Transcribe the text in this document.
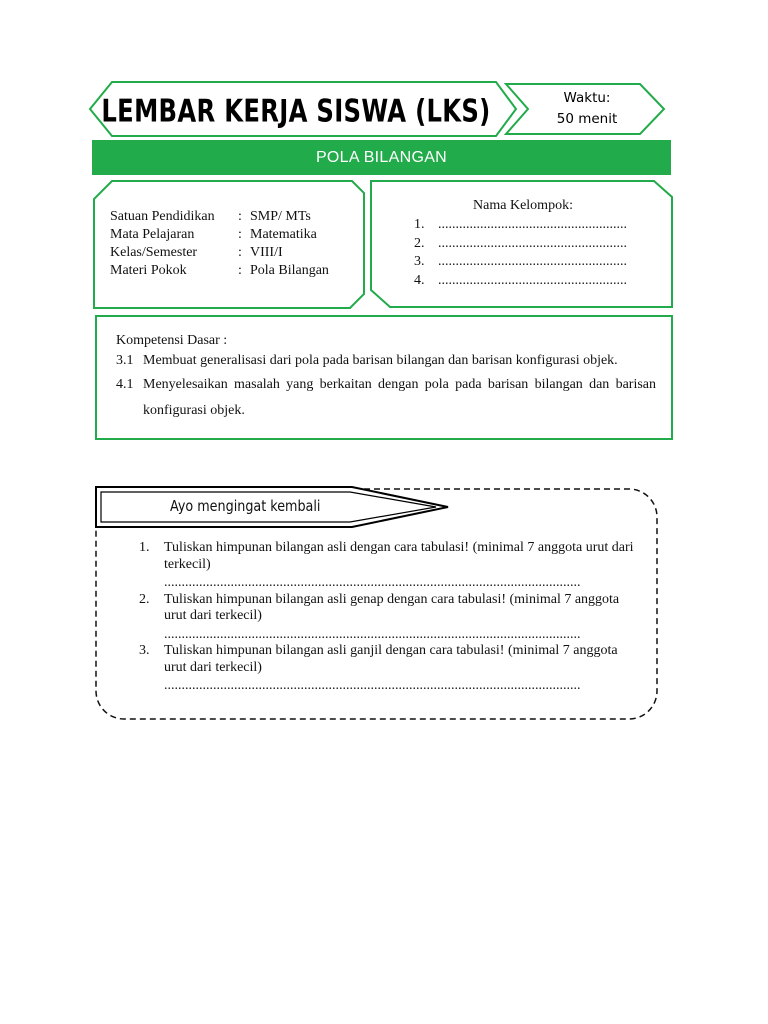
LEMBAR KERJA SISWA (LKS)	Waktu:
50 menit
POLA BILANGAN
Satuan Pendidikan	: SMP/ MTs
Mata Pelajaran	: Matematika
Kelas/Semester	: VIII/I
Materi Pokok	: Pola Bilangan
Nama Kelompok:
1. ......................................................
2. ......................................................
3. ......................................................
4. ......................................................
Kompetensi Dasar :
3.1 Membuat generalisasi dari pola pada barisan bilangan dan barisan konfigurasi objek.
4.1 Menyelesaikan masalah yang berkaitan dengan pola pada barisan bilangan dan barisan konfigurasi objek.
Ayo mengingat kembali
1.	Tuliskan himpunan bilangan asli dengan cara tabulasi! (minimal 7 anggota urut dari terkecil)
.......................................................................................................................
2.	Tuliskan himpunan bilangan asli genap dengan cara tabulasi! (minimal 7 anggota urut dari terkecil)
.......................................................................................................................
3.	Tuliskan himpunan bilangan asli ganjil dengan cara tabulasi! (minimal 7 anggota urut dari terkecil)
.......................................................................................................................
